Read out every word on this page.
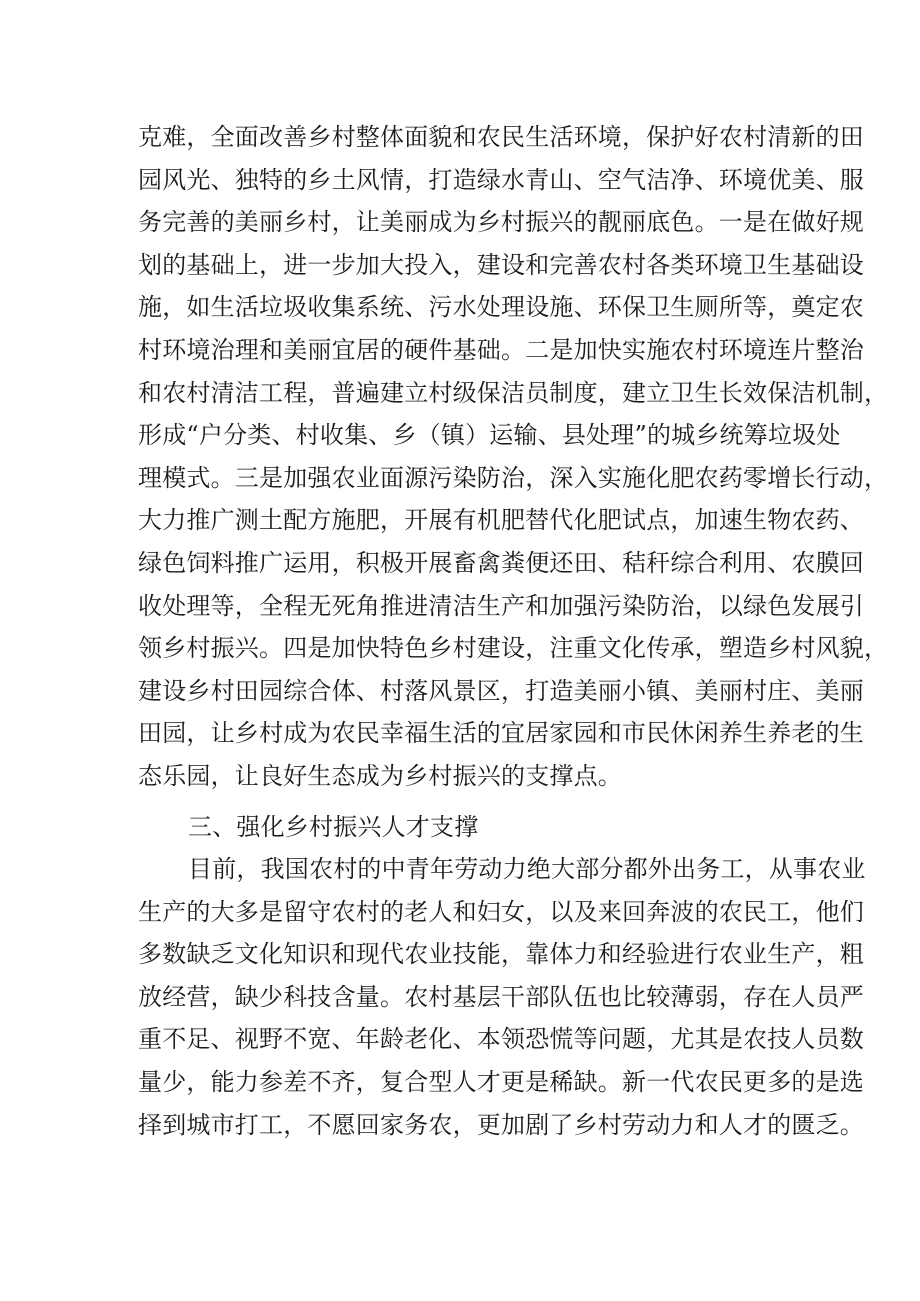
克难，全面改善乡村整体面貌和农民生活环境，保护好农村清新的田
园风光、独特的乡土风情，打造绿水青山、空气洁净、环境优美、服
务完善的美丽乡村，让美丽成为乡村振兴的靓丽底色。一是在做好规
划的基础上，进一步加大投入，建设和完善农村各类环境卫生基础设
施，如生活垃圾收集系统、污水处理设施、环保卫生厕所等，奠定农
村环境治理和美丽宜居的硬件基础。二是加快实施农村环境连片整治
和农村清洁工程，普遍建立村级保洁员制度，建立卫生长效保洁机制，
形成“户分类、村收集、乡（镇）运输、县处理”的城乡统筹垃圾处
理模式。三是加强农业面源污染防治，深入实施化肥农药零增长行动，
大力推广测土配方施肥，开展有机肥替代化肥试点，加速生物农药、
绿色饲料推广运用，积极开展畜禽粪便还田、秸秆综合利用、农膜回
收处理等，全程无死角推进清洁生产和加强污染防治，以绿色发展引
领乡村振兴。四是加快特色乡村建设，注重文化传承，塑造乡村风貌，
建设乡村田园综合体、村落风景区，打造美丽小镇、美丽村庄、美丽
田园，让乡村成为农民幸福生活的宜居家园和市民休闲养生养老的生
态乐园，让良好生态成为乡村振兴的支撑点。
三、强化乡村振兴人才支撑
目前，我国农村的中青年劳动力绝大部分都外出务工，从事农业
生产的大多是留守农村的老人和妇女，以及来回奔波的农民工，他们
多数缺乏文化知识和现代农业技能，靠体力和经验进行农业生产，粗
放经营，缺少科技含量。农村基层干部队伍也比较薄弱，存在人员严
重不足、视野不宽、年龄老化、本领恐慌等问题，尤其是农技人员数
量少，能力参差不齐，复合型人才更是稀缺。新一代农民更多的是选
择到城市打工，不愿回家务农，更加剧了乡村劳动力和人才的匮乏。
